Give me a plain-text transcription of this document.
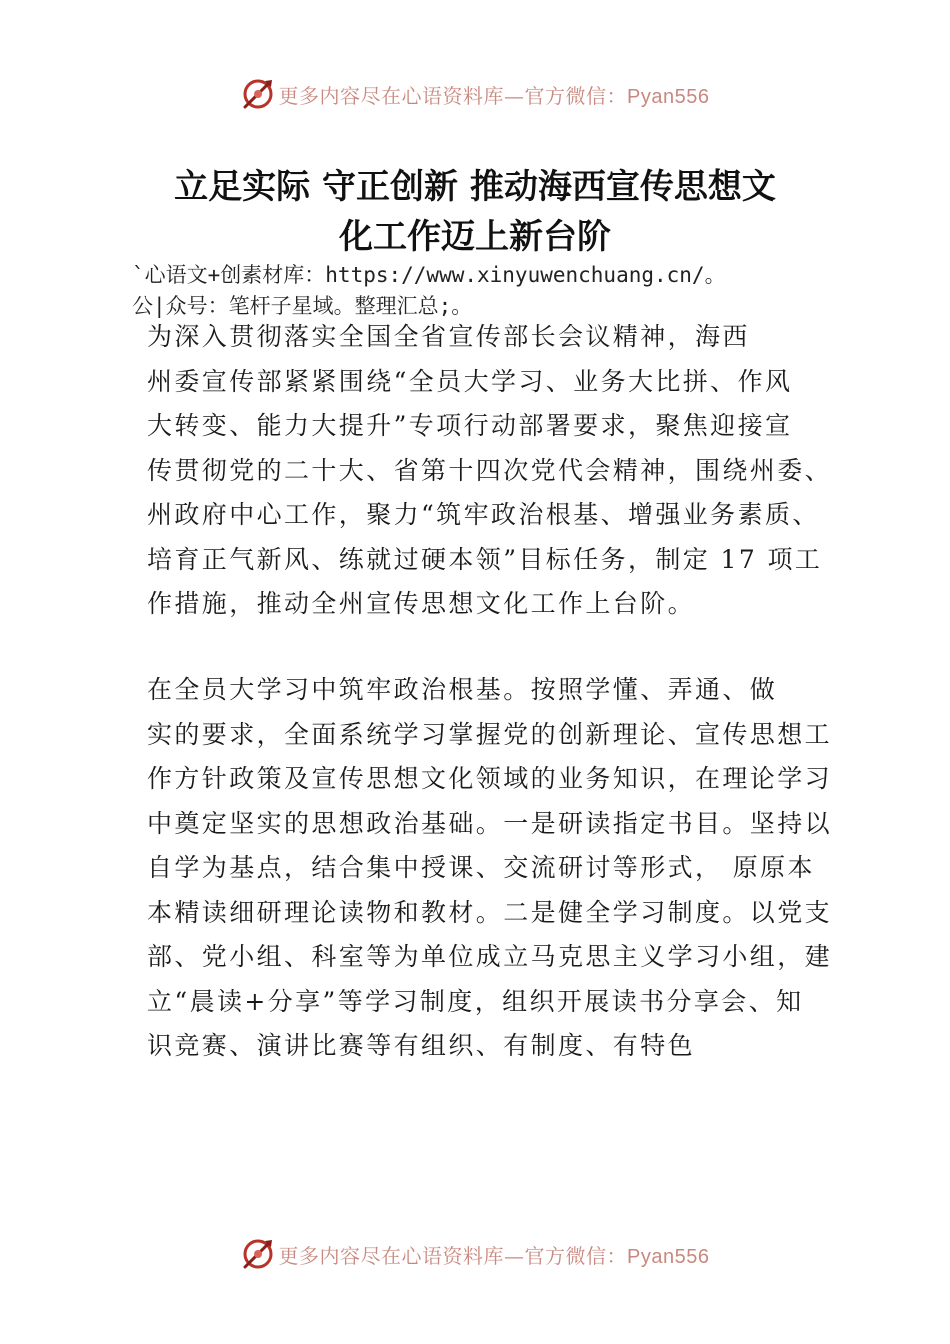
更多内容尽在心语资料库—官方微信：Pyan556
立足实际 守正创新 推动海西宣传思想文
化工作迈上新台阶
`心语文+创素材库：https://www.xinyuwenchuang.cn/。
公|众号：笔杆子星域。整理汇总;。
为深入贯彻落实全国全省宣传部长会议精神，海西
州委宣传部紧紧围绕“全员大学习、业务大比拼、作风
大转变、能力大提升”专项行动部署要求，聚焦迎接宣
传贯彻党的二十大、省第十四次党代会精神，围绕州委、
州政府中心工作，聚力“筑牢政治根基、增强业务素质、
培育正气新风、练就过硬本领”目标任务，制定 17 项工
作措施，推动全州宣传思想文化工作上台阶。
在全员大学习中筑牢政治根基。按照学懂、弄通、做
实的要求，全面系统学习掌握党的创新理论、宣传思想工
作方针政策及宣传思想文化领域的业务知识，在理论学习
中奠定坚实的思想政治基础。一是研读指定书目。坚持以
自学为基点，结合集中授课、交流研讨等形式， 原原本
本精读细研理论读物和教材。二是健全学习制度。以党支
部、党小组、科室等为单位成立马克思主义学习小组，建
立“晨读+分享”等学习制度，组织开展读书分享会、知
识竞赛、演讲比赛等有组织、有制度、有特色
更多内容尽在心语资料库—官方微信：Pyan556
